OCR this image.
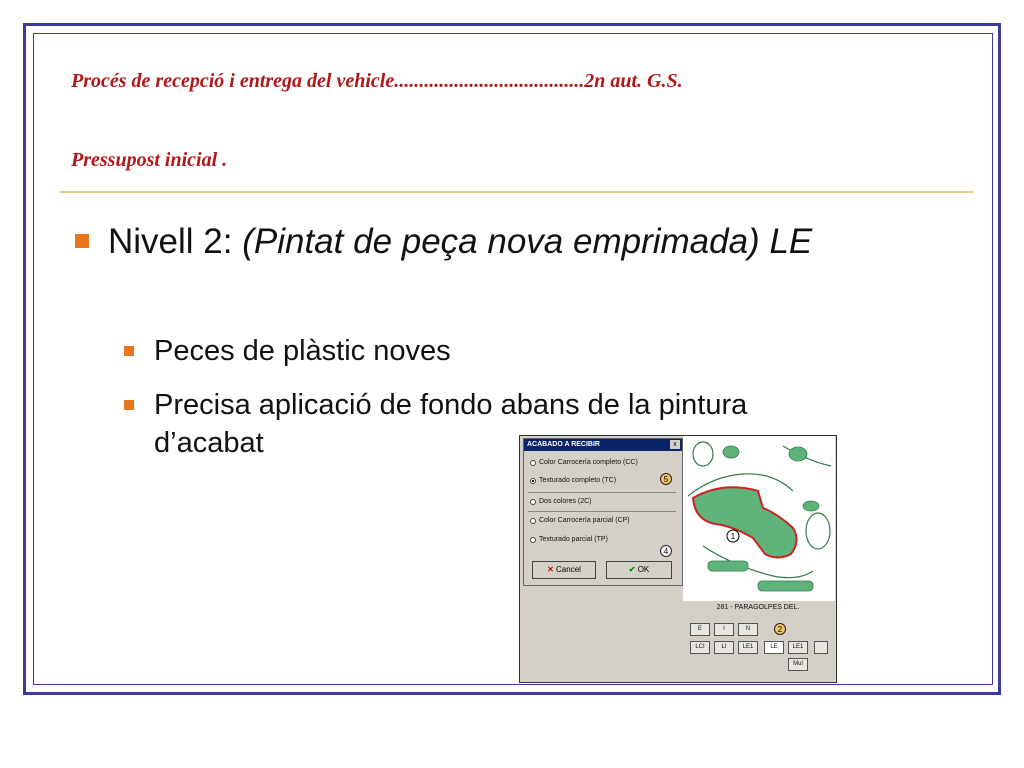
Procés de recepció i entrega del vehicle......................................2n aut. G.S.
Pressupost inicial .
Nivell 2: (Pintat de peça nova emprimada) LE
Peces de plàstic noves
Precisa aplicació de fondo abans de la pintura
d’acabat	ACABADO A RECIBIR	x
Color Carrocería completo (CC)
Texturado completo (TC)	5
Dos colores (2C)
Color Carrocería parcial (CP)
Texturado parcial (TP)
4
✕ Cancel	✔ OK
1
281 - PARAGOLPES DEL.
E	I	N	2
LCI	LI	LE1	LE	LE1
Mul
